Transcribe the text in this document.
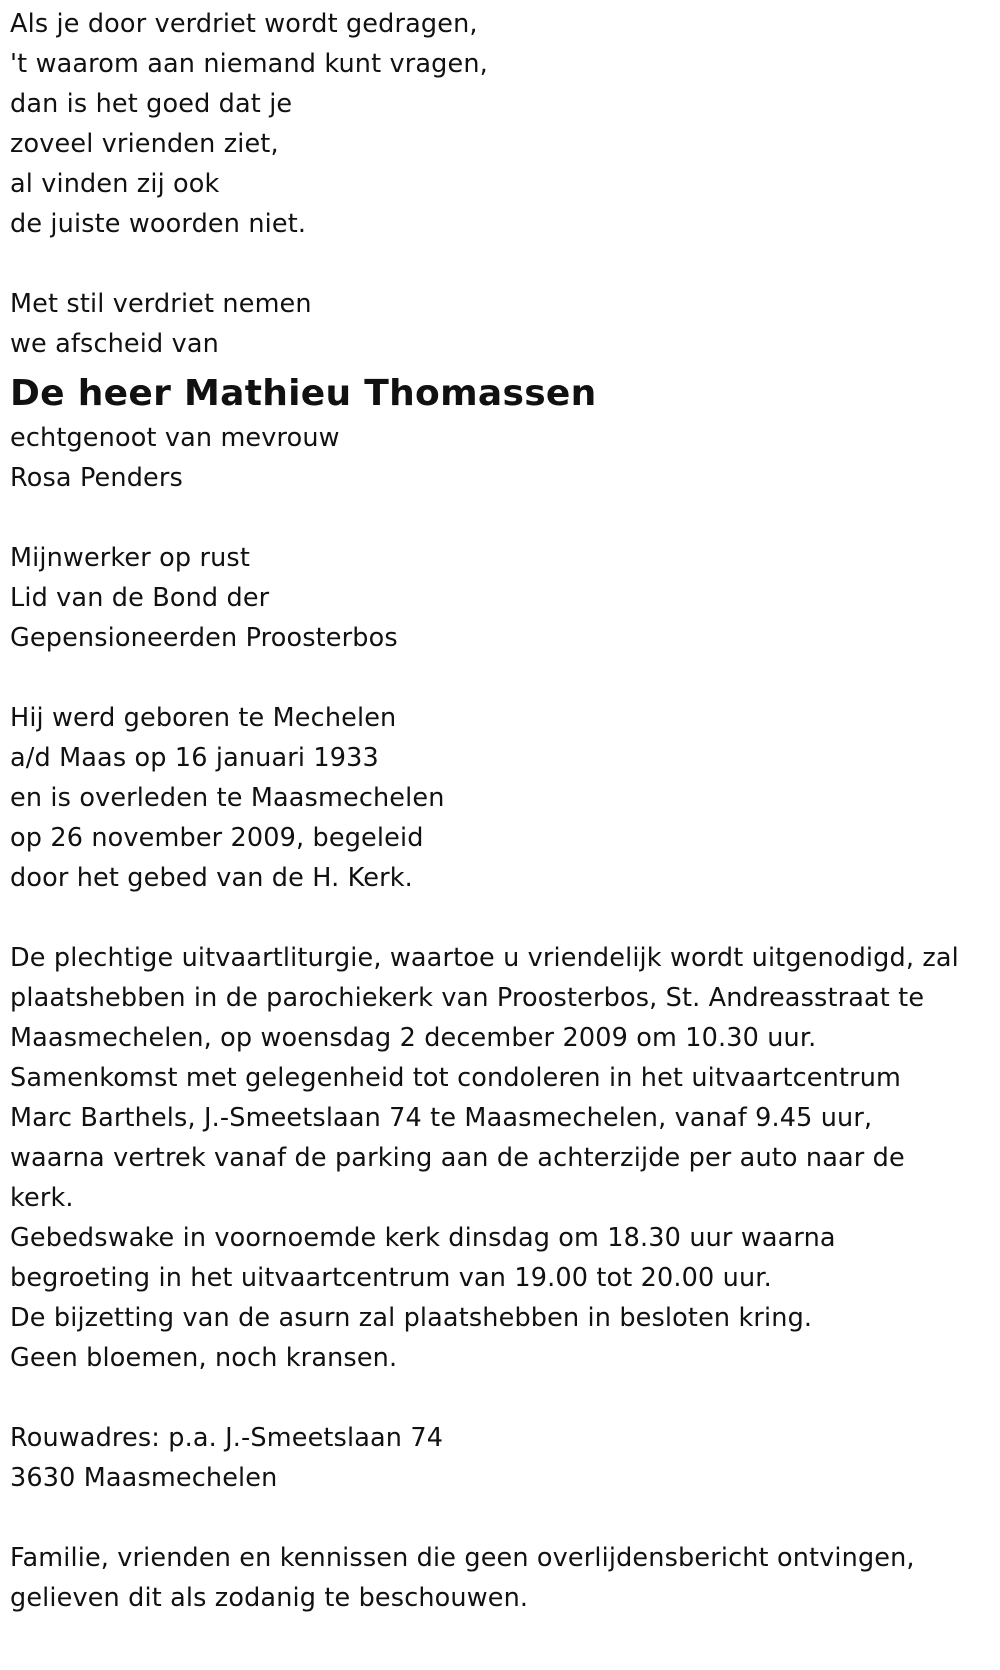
Als je door verdriet wordt gedragen,
't waarom aan niemand kunt vragen,
dan is het goed dat je
zoveel vrienden ziet,
al vinden zij ook
de juiste woorden niet.
Met stil verdriet nemen
we afscheid van
De heer Mathieu Thomassen
echtgenoot van mevrouw
Rosa Penders
Mijnwerker op rust
Lid van de Bond der
Gepensioneerden Proosterbos
Hij werd geboren te Mechelen
a/d Maas op 16 januari 1933
en is overleden te Maasmechelen
op 26 november 2009, begeleid
door het gebed van de H. Kerk.
De plechtige uitvaartliturgie, waartoe u vriendelijk wordt uitgenodigd, zal
plaatshebben in de parochiekerk van Proosterbos, St. Andreasstraat te
Maasmechelen, op woensdag 2 december 2009 om 10.30 uur.
Samenkomst met gelegenheid tot condoleren in het uitvaartcentrum
Marc Barthels, J.-Smeetslaan 74 te Maasmechelen, vanaf 9.45 uur,
waarna vertrek vanaf de parking aan de achterzijde per auto naar de
kerk.
Gebedswake in voornoemde kerk dinsdag om 18.30 uur waarna
begroeting in het uitvaartcentrum van 19.00 tot 20.00 uur.
De bijzetting van de asurn zal plaatshebben in besloten kring.
Geen bloemen, noch kransen.
Rouwadres: p.a. J.-Smeetslaan 74
3630 Maasmechelen
Familie, vrienden en kennissen die geen overlijdensbericht ontvingen,
gelieven dit als zodanig te beschouwen.
